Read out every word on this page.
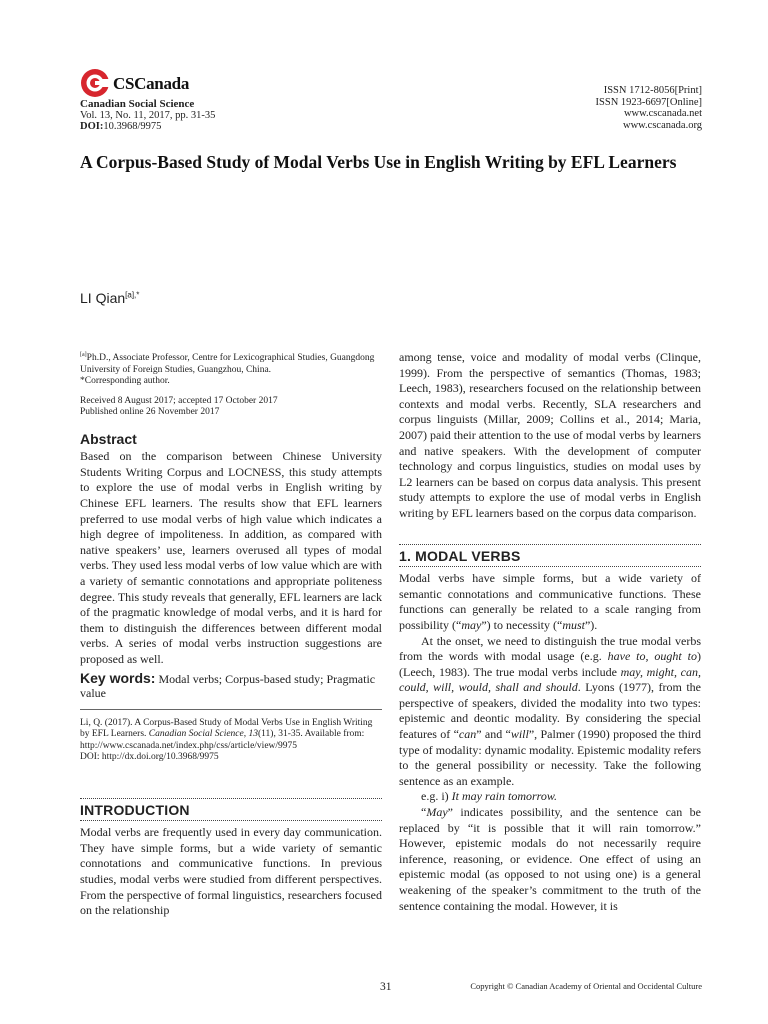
CSCanada
Canadian Social Science
Vol. 13, No. 11, 2017, pp. 31-35
DOI:10.3968/9975
ISSN 1712-8056[Print]
ISSN 1923-6697[Online]
www.cscanada.net
www.cscanada.org
A Corpus-Based Study of Modal Verbs Use in English Writing by EFL Learners
LI Qian$^{[a],*}$
[a]Ph.D., Associate Professor, Centre for Lexicographical Studies, Guangdong University of Foreign Studies, Guangzhou, China.
*Corresponding author.
Received 8 August 2017; accepted 17 October 2017
Published online 26 November 2017
Abstract

Based on the comparison between Chinese University Students Writing Corpus and LOCNESS, this study attempts to explore the use of modal verbs in English writing by Chinese EFL learners. The results show that EFL learners preferred to use modal verbs of high value which indicates a high degree of impoliteness. In addition, as compared with native speakers’ use, learners overused all types of modal verbs. They used less modal verbs of low value which are with a variety of semantic connotations and appropriate politeness degree. This study reveals that generally, EFL learners are lack of the pragmatic knowledge of modal verbs, and it is hard for them to distinguish the differences between different modal verbs. A series of modal verbs instruction suggestions are proposed as well.

Key words: Modal verbs; Corpus-based study; Pragmatic value
Li, Q. (2017). A Corpus-Based Study of Modal Verbs Use in English Writing by EFL Learners. Canadian Social Science, 13(11), 31-35. Available from: http://www.cscanada.net/index.php/css/article/view/9975
DOI: http://dx.doi.org/10.3968/9975
INTRODUCTION

Modal verbs are frequently used in every day communication. They have simple forms, but a wide variety of semantic connotations and communicative functions. In previous studies, modal verbs were studied from different perspectives. From the perspective of formal linguistics, researchers focused on the relationship

among tense, voice and modality of modal verbs (Clinque, 1999). From the perspective of semantics (Thomas, 1983; Leech, 1983), researchers focused on the relationship between contexts and modal verbs. Recently, SLA researchers and corpus linguists (Millar, 2009; Collins et al., 2014; Maria, 2007) paid their attention to the use of modal verbs by learners and native speakers. With the development of computer technology and corpus linguistics, studies on modal uses by L2 learners can be based on corpus data analysis. This present study attempts to explore the use of modal verbs in English writing by EFL learners based on the corpus data comparison.

1. MODAL VERBS

Modal verbs have simple forms, but a wide variety of semantic connotations and communicative functions. These functions can generally be related to a scale ranging from possibility (“may”) to necessity (“must”).

At the onset, we need to distinguish the true modal verbs from the words with modal usage (e.g. have to, ought to) (Leech, 1983). The true modal verbs include may, might, can, could, will, would, shall and should. Lyons (1977), from the perspective of speakers, divided the modality into two types: epistemic and deontic modality. By considering the special features of “can” and “will”, Palmer (1990) proposed the third type of modality: dynamic modality. Epistemic modality refers to the general possibility or necessity. Take the following sentence as an example.

e.g. i) It may rain tomorrow.

“May” indicates possibility, and the sentence can be replaced by “it is possible that it will rain tomorrow.” However, epistemic modals do not necessarily require inference, reasoning, or evidence. One effect of using an epistemic modal (as opposed to not using one) is a general weakening of the speaker’s commitment to the truth of the sentence containing the modal. However, it is

31	Copyright © Canadian Academy of Oriental and Occidental Culture
